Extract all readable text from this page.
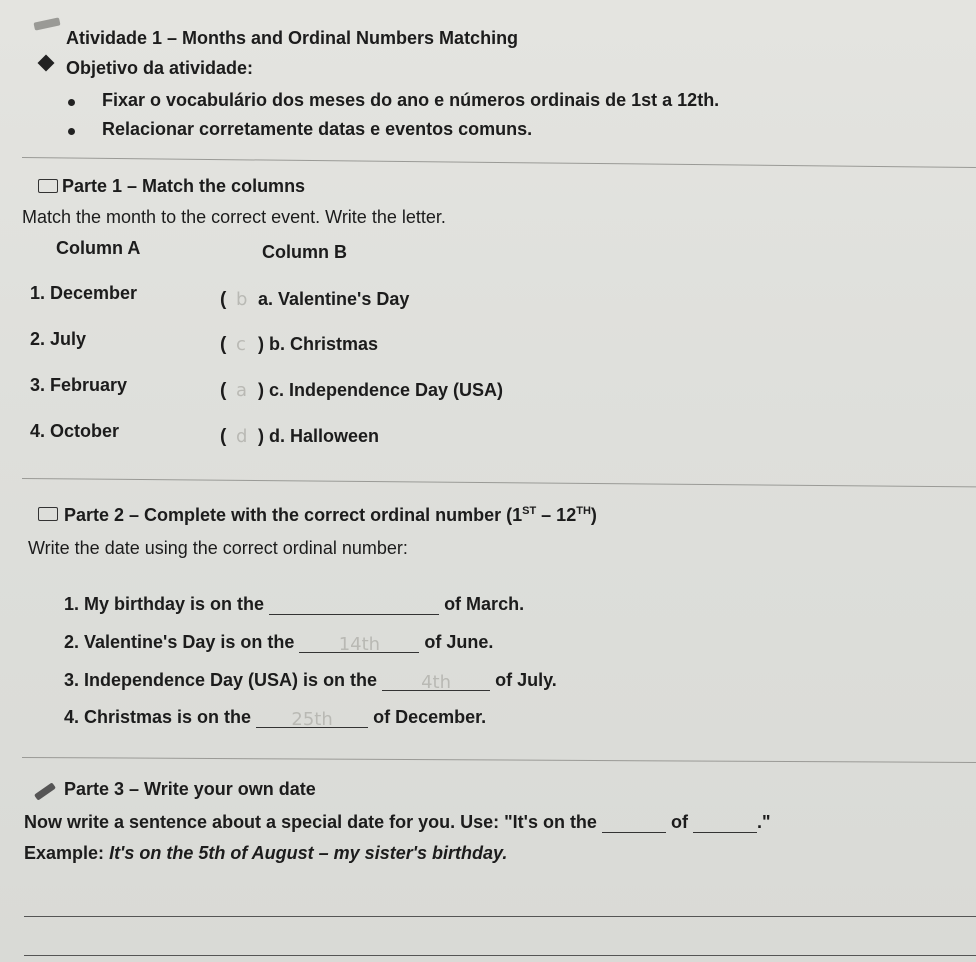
Atividade 1 – Months and Ordinal Numbers Matching
Objetivo da atividade:
Fixar o vocabulário dos meses do ano e números ordinais de 1st a 12th.
Relacionar corretamente datas e eventos comuns.
Parte 1 – Match the columns
Match the month to the correct event. Write the letter.
Column A	Column B
1. December	( b a. Valentine's Day
2. July	( c ) b. Christmas
3. February	( a ) c. Independence Day (USA)
4. October	( d ) d. Halloween
Parte 2 – Complete with the correct ordinal number (1ST – 12TH)
Write the date using the correct ordinal number:
1. My birthday is on the	of March.
2. Valentine's Day is on the 14th of June.
3. Independence Day (USA) is on the 4th of July.
4. Christmas is on the 25th of December.
Parte 3 – Write your own date
Now write a sentence about a special date for you. Use: "It's on the	of	."
Example: It's on the 5th of August – my sister's birthday.
